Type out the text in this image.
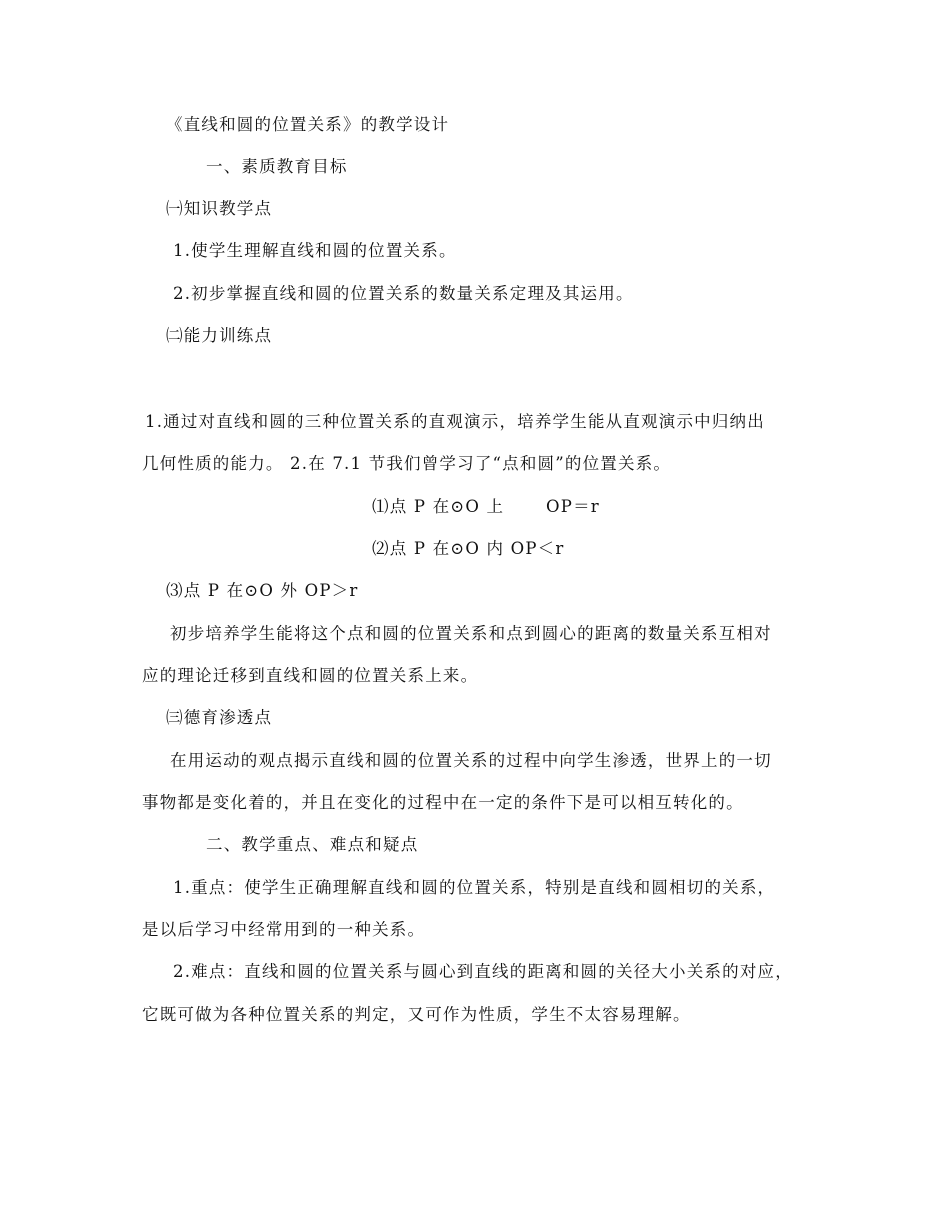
《直线和圆的位置关系》的教学设计
一、素质教育目标
㈠知识教学点
1.使学生理解直线和圆的位置关系。
2.初步掌握直线和圆的位置关系的数量关系定理及其运用。
㈡能力训练点
1.通过对直线和圆的三种位置关系的直观演示，培养学生能从直观演示中归纳出
几何性质的能力。 2.在 7.1 节我们曾学习了“点和圆”的位置关系。
⑴点 P 在⊙O 上　　 OP＝r
⑵点 P 在⊙O 内 OP＜r
⑶点 P 在⊙O 外 OP＞r
初步培养学生能将这个点和圆的位置关系和点到圆心的距离的数量关系互相对
应的理论迁移到直线和圆的位置关系上来。
㈢德育渗透点
在用运动的观点揭示直线和圆的位置关系的过程中向学生渗透，世界上的一切
事物都是变化着的，并且在变化的过程中在一定的条件下是可以相互转化的。
二、教学重点、难点和疑点
1.重点：使学生正确理解直线和圆的位置关系，特别是直线和圆相切的关系，
是以后学习中经常用到的一种关系。
2.难点：直线和圆的位置关系与圆心到直线的距离和圆的关径大小关系的对应，
它既可做为各种位置关系的判定，又可作为性质，学生不太容易理解。
